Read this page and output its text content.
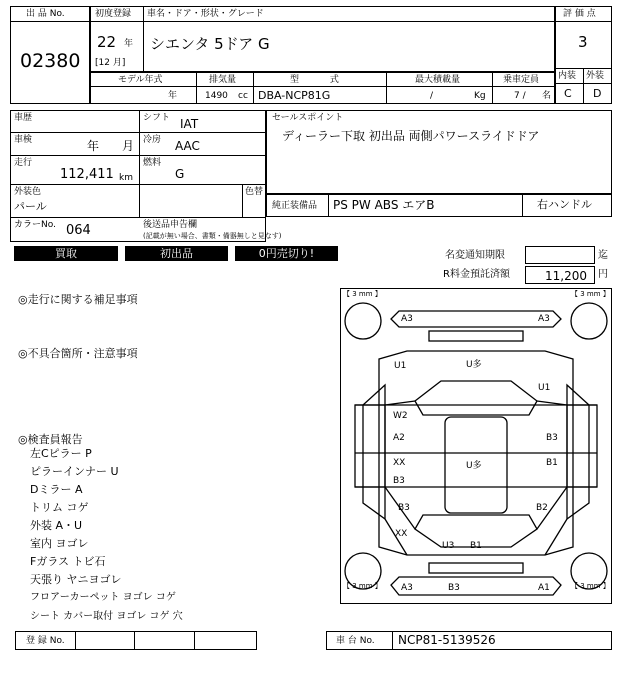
出 品 No.
02380
初度登録 車名・ドア・形状・グレード
22 年
[12 月]
シエンタ 5ドア G
評 価 点
3
内装 外装
C D
モデル年式
年
排気量
1490 cc
型 式
DBA-NCP81G
最大積載量
/	Kg
乗車定員
7 / 名
車歴	シフト IAT
車検	年 月 冷房 AAC
走行
112,411 km
燃料
G
外装色
パール
色替
カラーNo. 064	後送品申告欄
(記載が無い場合、書類・備器無しと見なす)
セールスポイント
ディーラー下取 初出品 両側パワースライドドア
純正装備品 PS PW ABS エアB	右ハンドル
買取	初出品	0円売切り!	名変通知期限	迄
R料金預託済額	11,200 円
◎走行に関する補足事項
◎不具合箇所・注意事項
◎検査員報告
左Cピラー P
ピラーインナー U
Dミラー A
トリム コゲ
外装 A・U
室内 ヨゴレ
Fガラス トビ石
天張り ヤニヨゴレ
フロアーカーペット ヨゴレ コゲ
シート カバー取付 ヨゴレ コゲ 穴
【 3 mm 】	【 3 mm 】
【 3 mm 】	【 3 mm 】
A3	A3
U1	U多
U1
W2
A2	B3
XX	U多	B1
B3
B3	B2
XX
U3 B1
A3	B3	A1
登 録 No.	車 台 No. NCP81-5139526
